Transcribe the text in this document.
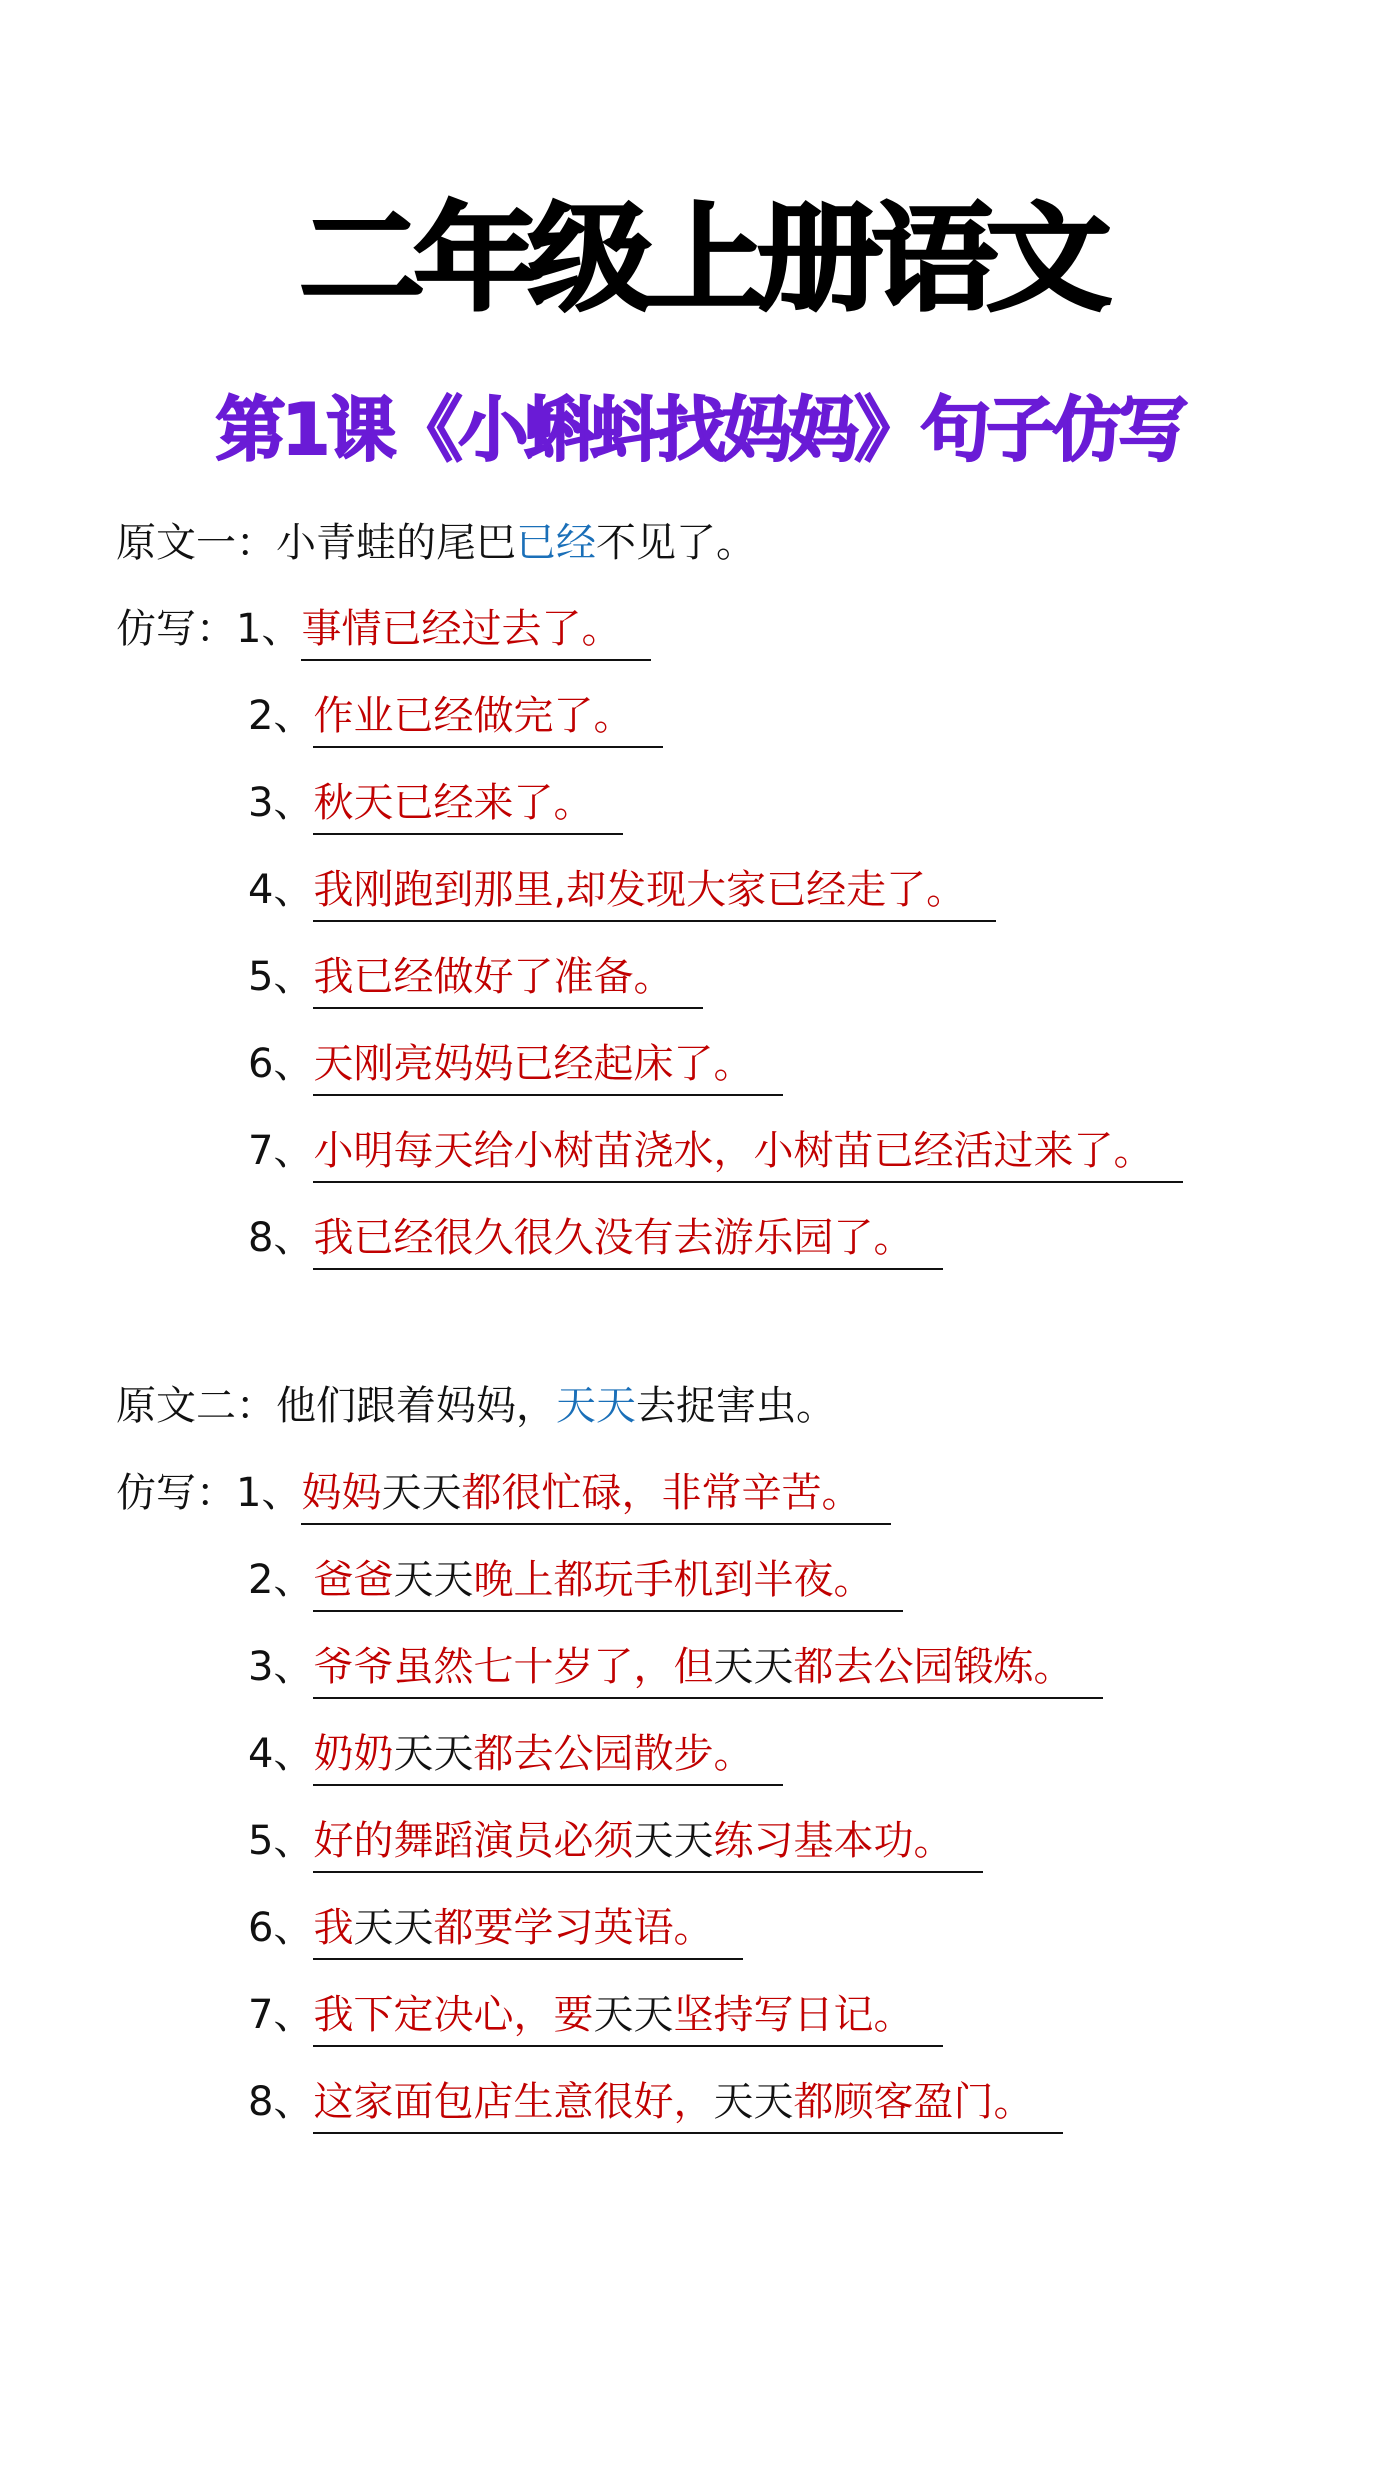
二年级上册语文
第1课《小蝌蚪找妈妈》句子仿写
原文一：小青蛙的尾巴已经不见了。
仿写：1、事情已经过去了。
2、作业已经做完了。
3、秋天已经来了。
4、我刚跑到那里,却发现大家已经走了。
5、我已经做好了准备。
6、天刚亮妈妈已经起床了。
7、小明每天给小树苗浇水，小树苗已经活过来了。
8、我已经很久很久没有去游乐园了。
原文二：他们跟着妈妈，天天去捉害虫。
仿写：1、妈妈天天都很忙碌，非常辛苦。
2、爸爸天天晚上都玩手机到半夜。
3、爷爷虽然七十岁了，但天天都去公园锻炼。
4、奶奶天天都去公园散步。
5、好的舞蹈演员必须天天练习基本功。
6、我天天都要学习英语。
7、我下定决心，要天天坚持写日记。
8、这家面包店生意很好，天天都顾客盈门。
